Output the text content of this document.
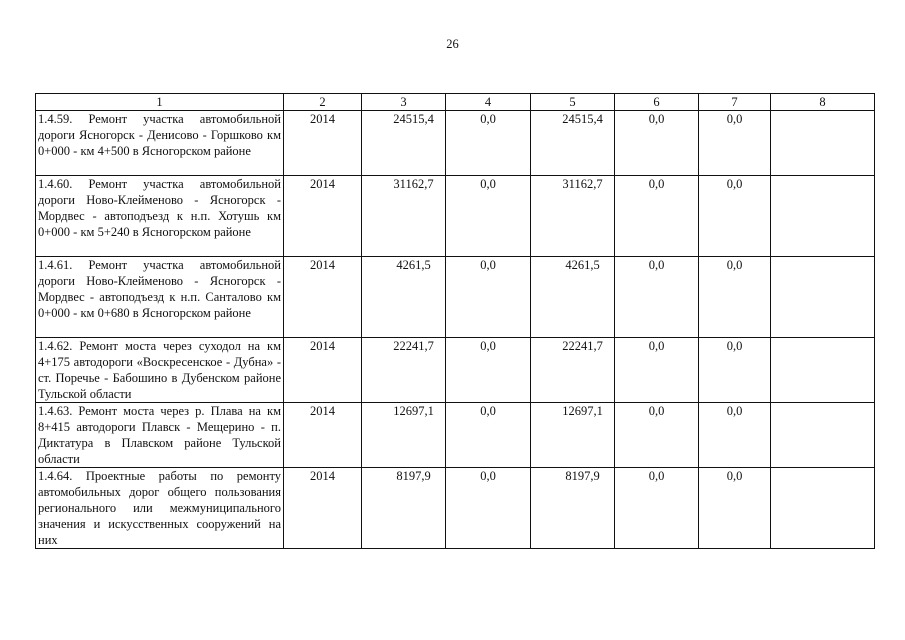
26
1	2	3	4	5	6	7	8
1.4.59. Ремонт участка автомобильной дороги Ясногорск - Денисово - Горшково км 0+000 - км 4+500 в Ясногорском районе	2014	24515,4	0,0	24515,4	0,0	0,0	
1.4.60. Ремонт участка автомобильной дороги Ново-Клейменово - Ясногорск - Мордвес - автоподъезд к н.п. Хотушь км 0+000 - км 5+240 в Ясногорском районе	2014	31162,7	0,0	31162,7	0,0	0,0	
1.4.61. Ремонт участка автомобильной дороги Ново-Клейменово - Ясногорск - Мордвес - автоподъезд к н.п. Санталово км 0+000 - км 0+680 в Ясногорском районе	2014	4261,5	0,0	4261,5	0,0	0,0	
1.4.62. Ремонт моста через суходол на км 4+175 автодороги «Воскресенское - Дубна» - ст. Поречье - Бабошино в Дубенском районе Тульской области	2014	22241,7	0,0	22241,7	0,0	0,0	
1.4.63. Ремонт моста через р. Плава на км 8+415 автодороги Плавск - Мещерино - п. Диктатура в Плавском районе Тульской области	2014	12697,1	0,0	12697,1	0,0	0,0	
1.4.64. Проектные работы по ремонту автомобильных дорог общего пользования регионального или межмуниципального значения и искусственных сооружений на них	2014	8197,9	0,0	8197,9	0,0	0,0	
